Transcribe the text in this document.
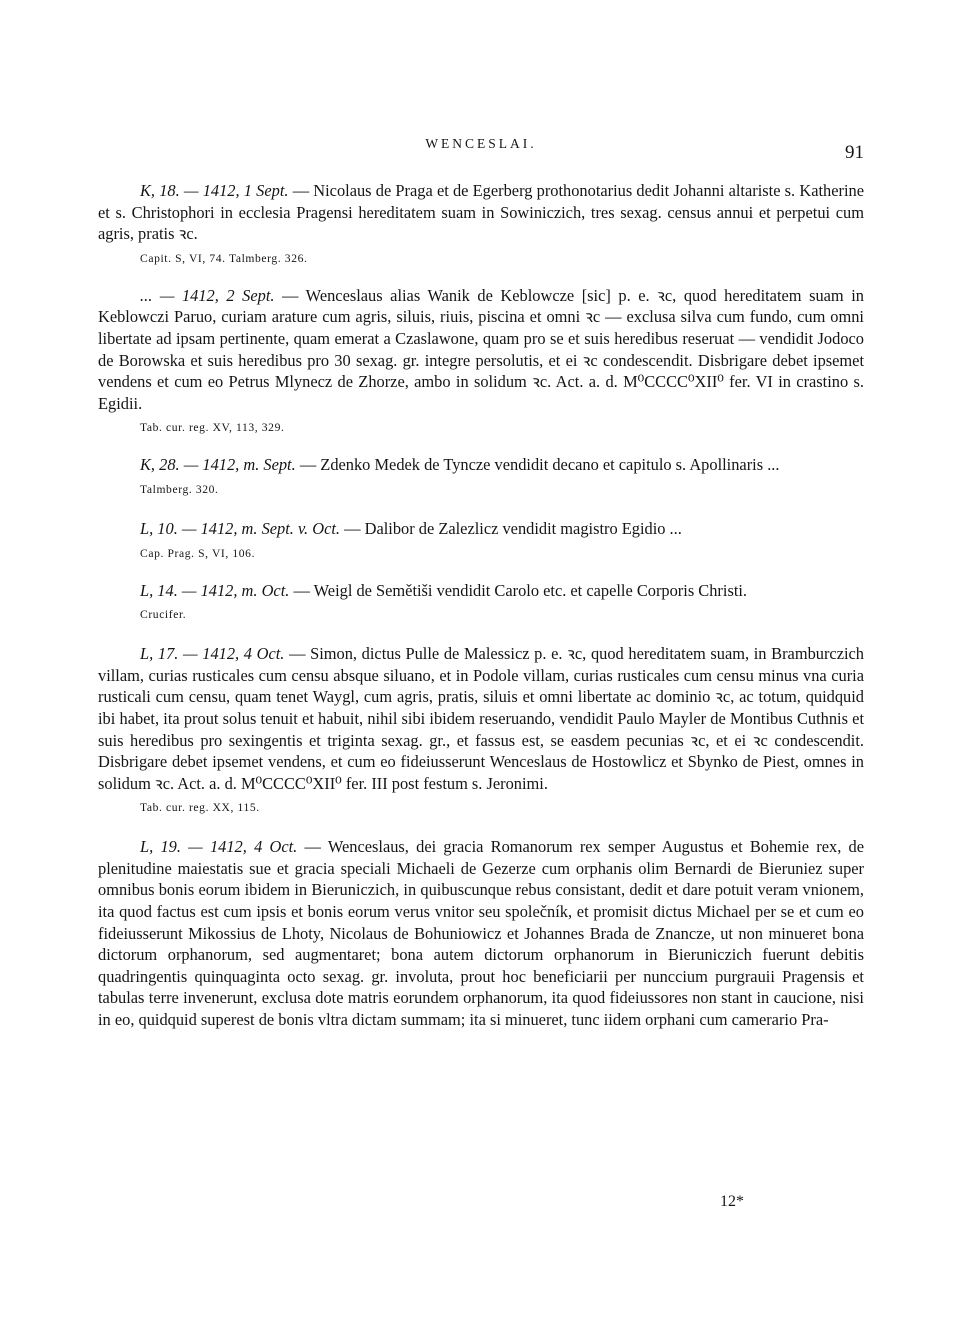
WENCESLAI.	91

K, 18. — 1412, 1 Sept. — Nicolaus de Praga et de Egerberg prothonotarius dedit Johanni altariste s. Katherine et s. Christophori in ecclesia Pragensi hereditatem suam in Sowiniczich, tres sexag. census annui et perpetui cum agris, pratis ꝛc.

Capit. S, VI, 74. Talmberg. 326.

... — 1412, 2 Sept. — Wenceslaus alias Wanik de Keblowcze [sic] p. e. ꝛc, quod hereditatem suam in Keblowczi Paruo, curiam arature cum agris, siluis, riuis, piscina et omni ꝛc — exclusa silva cum fundo, cum omni libertate ad ipsam pertinente, quam emerat a Czaslawone, quam pro se et suis heredibus reseruat — vendidit Jodoco de Borowska et suis heredibus pro 30 sexag. gr. integre persolutis, et ei ꝛc condescendit. Disbrigare debet ipsemet vendens et cum eo Petrus Mlynecz de Zhorze, ambo in solidum ꝛc. Act. a. d. M⁰CCCC⁰XII⁰ fer. VI in crastino s. Egidii.

Tab. cur. reg. XV, 113, 329.

K, 28. — 1412, m. Sept. — Zdenko Medek de Tyncze vendidit decano et capitulo s. Apollinaris ...

Talmberg. 320.

L, 10. — 1412, m. Sept. v. Oct. — Dalibor de Zalezlicz vendidit magistro Egidio ...

Cap. Prag. S, VI, 106.

L, 14. — 1412, m. Oct. — Weigl de Semětiši vendidit Carolo etc. et capelle Corporis Christi.

Crucifer.

L, 17. — 1412, 4 Oct. — Simon, dictus Pulle de Malessicz p. e. ꝛc, quod hereditatem suam, in Bramburczich villam, curias rusticales cum censu absque siluano, et in Podole villam, curias rusticales cum censu minus vna curia rusticali cum censu, quam tenet Waygl, cum agris, pratis, siluis et omni libertate ac dominio ꝛc, ac totum, quidquid ibi habet, ita prout solus tenuit et habuit, nihil sibi ibidem reseruando, vendidit Paulo Mayler de Montibus Cuthnis et suis heredibus pro sexingentis et triginta sexag. gr., et fassus est, se easdem pecunias ꝛc, et ei ꝛc condescendit. Disbrigare debet ipsemet vendens, et cum eo fideiusserunt Wenceslaus de Hostowlicz et Sbynko de Piest, omnes in solidum ꝛc. Act. a. d. M⁰CCCC⁰XII⁰ fer. III post festum s. Jeronimi.

Tab. cur. reg. XX, 115.

L, 19. — 1412, 4 Oct. — Wenceslaus, dei gracia Romanorum rex semper Augustus et Bohemie rex, de plenitudine maiestatis sue et gracia speciali Michaeli de Gezerze cum orphanis olim Bernardi de Bieruniez super omnibus bonis eorum ibidem in Bieruniczich, in quibuscunque rebus consistant, dedit et dare potuit veram vnionem, ita quod factus est cum ipsis et bonis eorum verus vnitor seu společník, et promisit dictus Michael per se et cum eo fideiusserunt Mikossius de Lhoty, Nicolaus de Bohuniowicz et Johannes Brada de Znancze, ut non minueret bona dictorum orphanorum, sed augmentaret; bona autem dictorum orphanorum in Bieruniczich fuerunt debitis quadringentis quinquaginta octo sexag. gr. involuta, prout hoc beneficiarii per nunccium purgrauii Pragensis et tabulas terre invenerunt, exclusa dote matris eorundem orphanorum, ita quod fideiussores non stant in caucione, nisi in eo, quidquid superest de bonis vltra dictam summam; ita si minueret, tunc iidem orphani cum camerario Pra-

12*
